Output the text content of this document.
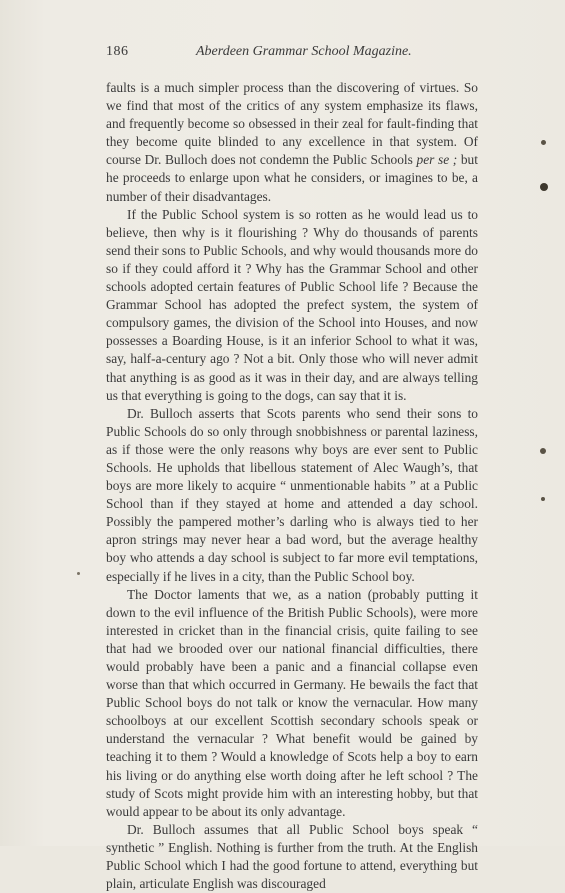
186	Aberdeen Grammar School Magazine.

faults is a much simpler process than the discovering of virtues. So we find that most of the critics of any system emphasize its flaws, and frequently become so obsessed in their zeal for fault-finding that they become quite blinded to any excellence in that system. Of course Dr. Bulloch does not condemn the Public Schools per se ; but he proceeds to enlarge upon what he considers, or imagines to be, a number of their disadvantages.

If the Public School system is so rotten as he would lead us to believe, then why is it flourishing ? Why do thousands of parents send their sons to Public Schools, and why would thousands more do so if they could afford it ? Why has the Grammar School and other schools adopted certain features of Public School life ? Because the Grammar School has adopted the prefect system, the system of compulsory games, the division of the School into Houses, and now possesses a Boarding House, is it an inferior School to what it was, say, half-a-century ago ? Not a bit. Only those who will never admit that anything is as good as it was in their day, and are always telling us that everything is going to the dogs, can say that it is.

Dr. Bulloch asserts that Scots parents who send their sons to Public Schools do so only through snobbishness or parental laziness, as if those were the only reasons why boys are ever sent to Public Schools. He upholds that libellous statement of Alec Waugh’s, that boys are more likely to acquire “ unmentionable habits ” at a Public School than if they stayed at home and attended a day school. Possibly the pampered mother’s darling who is always tied to her apron strings may never hear a bad word, but the average healthy boy who attends a day school is subject to far more evil temptations, especially if he lives in a city, than the Public School boy.

The Doctor laments that we, as a nation (probably putting it down to the evil influence of the British Public Schools), were more interested in cricket than in the financial crisis, quite failing to see that had we brooded over our national financial difficulties, there would probably have been a panic and a financial collapse even worse than that which occurred in Germany. He bewails the fact that Public School boys do not talk or know the vernacular. How many schoolboys at our excellent Scottish secondary schools speak or understand the vernacular ? What benefit would be gained by teaching it to them ? Would a knowledge of Scots help a boy to earn his living or do anything else worth doing after he left school ? The study of Scots might provide him with an interesting hobby, but that would appear to be about its only advantage.

Dr. Bulloch assumes that all Public School boys speak “ synthetic ” English. Nothing is further from the truth. At the English Public School which I had the good fortune to attend, everything but plain, articulate English was discouraged
